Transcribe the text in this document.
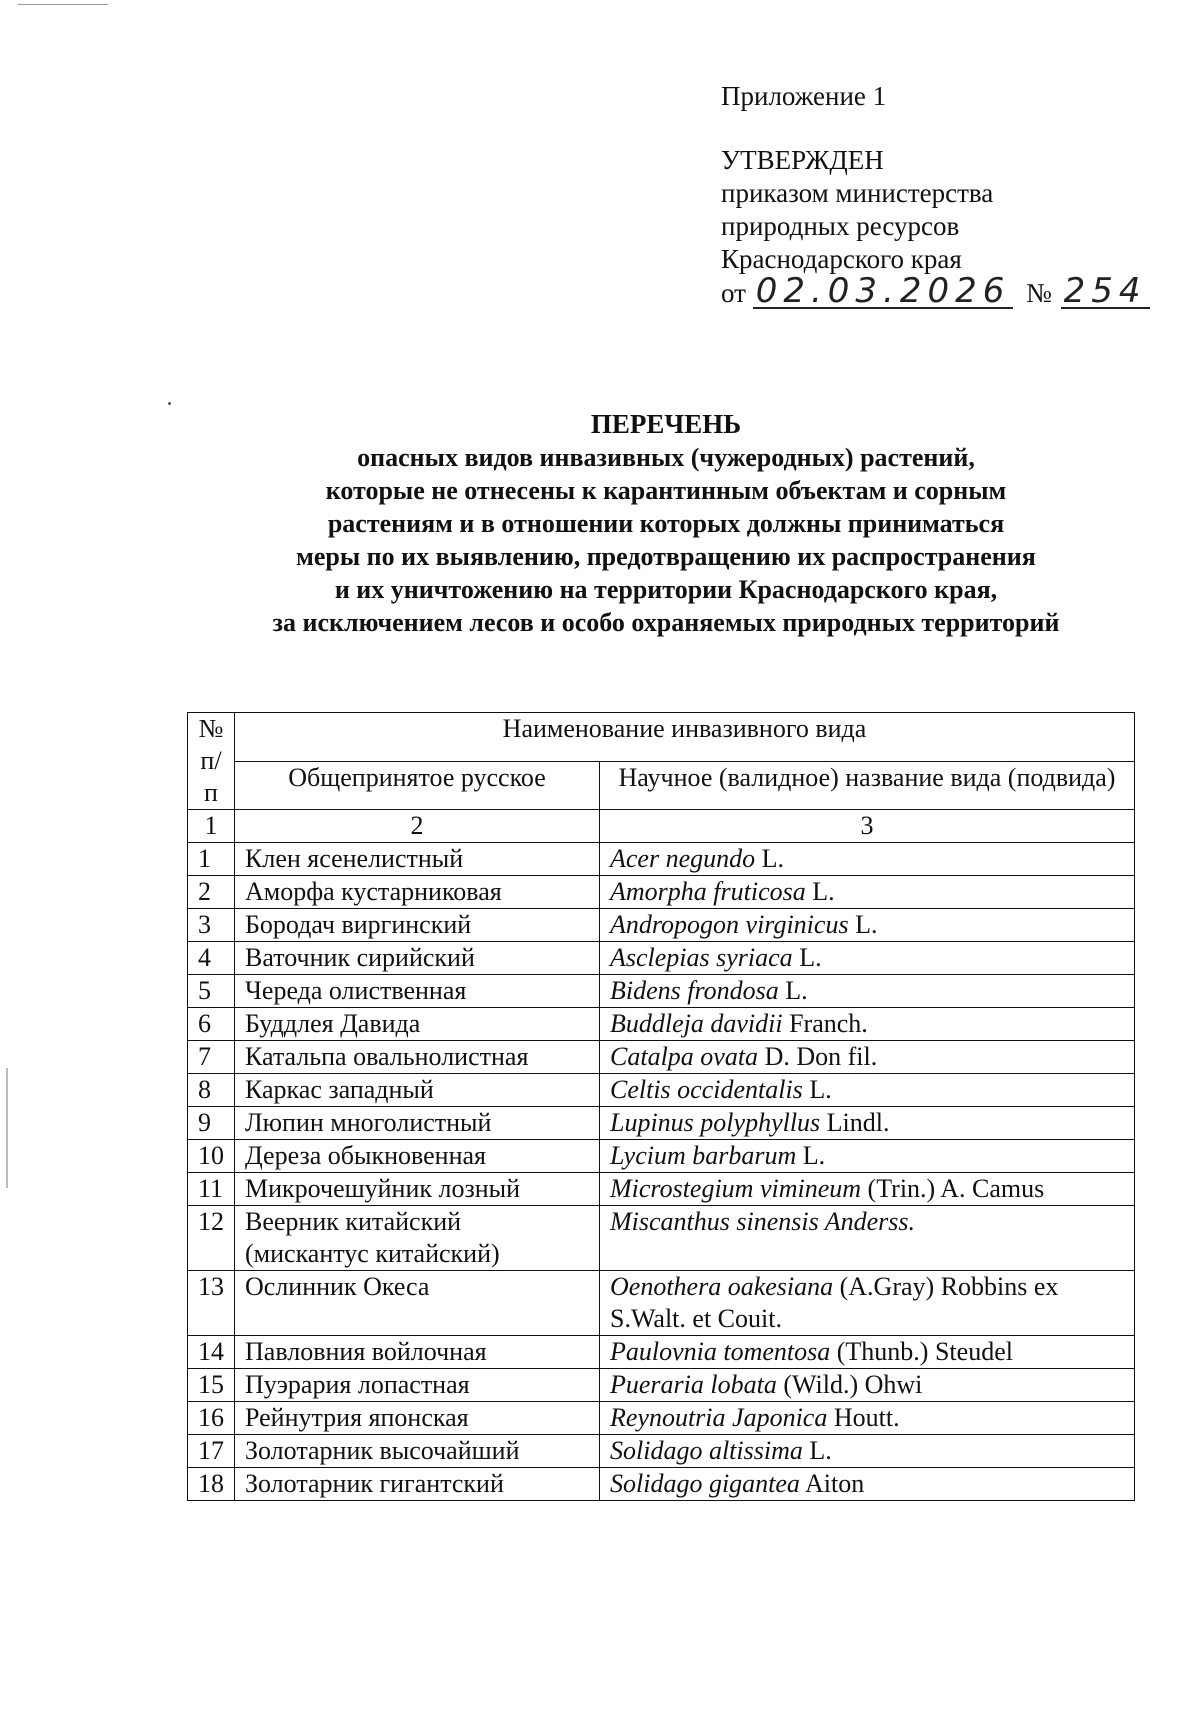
Приложение 1
УТВЕРЖДЕН
приказом министерства
природных ресурсов
Краснодарского края
от 02.03.2026 № 254
ПЕРЕЧЕНЬ
опасных видов инвазивных (чужеродных) растений,
которые не отнесены к карантинным объектам и сорным
растениям и в отношении которых должны приниматься
меры по их выявлению, предотвращению их распространения
и их уничтожению на территории Краснодарского края,
за исключением лесов и особо охраняемых природных территорий
№ п/п	Наименование инвазивного вида	
	Общепринятое русское	Научное (валидное) название вида (подвида)
1	2	3
1	Клен ясенелистный	Acer negundo L.
2	Аморфа кустарниковая	Amorpha fruticosa L.
3	Бородач виргинский	Andropogon virginicus L.
4	Ваточник сирийский	Asclepias syriaca L.
5	Череда олиственная	Bidens frondosa L.
6	Буддлея Давида	Buddleja davidii Franch.
7	Катальпа овальнолистная	Catalpa ovata D. Don fil.
8	Каркас западный	Celtis occidentalis L.
9	Люпин многолистный	Lupinus polyphyllus Lindl.
10	Дереза обыкновенная	Lycium barbarum L.
11	Микрочешуйник лозный	Microstegium vimineum (Trin.) A. Camus
12	Веерник китайский (мискантус китайский)	Miscanthus sinensis Anderss.
13	Ослинник Океса	Oenothera oakesiana (A.Gray) Robbins ex S.Walt. et Couit.
14	Павловния войлочная	Paulovnia tomentosa (Thunb.) Steudel
15	Пуэрария лопастная	Pueraria lobata (Wild.) Ohwi
16	Рейнутрия японская	Reynoutria Japonica Houtt.
17	Золотарник высочайший	Solidago altissima L.
18	Золотарник гигантский	Solidago gigantea Aiton
